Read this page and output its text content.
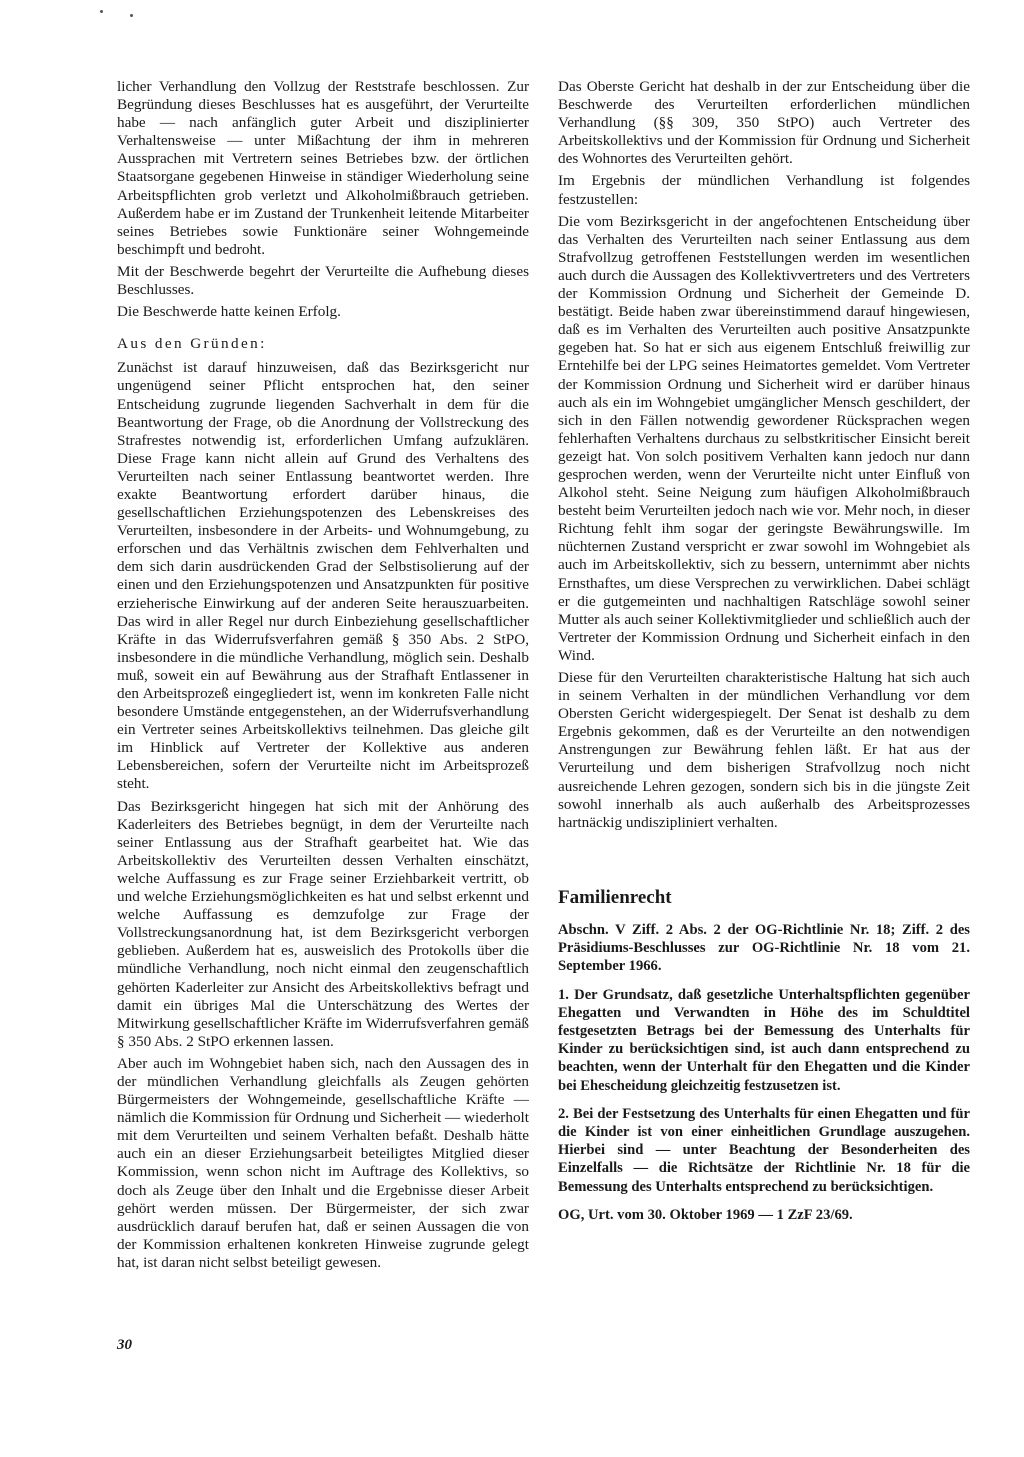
licher Verhandlung den Vollzug der Reststrafe beschlossen. Zur Begründung dieses Beschlusses hat es ausgeführt, der Verurteilte habe — nach anfänglich guter Arbeit und disziplinierter Verhaltensweise — unter Mißachtung der ihm in mehreren Aussprachen mit Vertretern seines Betriebes bzw. der örtlichen Staatsorgane gegebenen Hinweise in ständiger Wiederholung seine Arbeitspflichten grob verletzt und Alkoholmißbrauch getrieben. Außerdem habe er im Zustand der Trunkenheit leitende Mitarbeiter seines Betriebes sowie Funktionäre seiner Wohngemeinde beschimpft und bedroht.

Mit der Beschwerde begehrt der Verurteilte die Aufhebung dieses Beschlusses.

Die Beschwerde hatte keinen Erfolg.

Aus den Gründen:

Zunächst ist darauf hinzuweisen, daß das Bezirksgericht nur ungenügend seiner Pflicht entsprochen hat, den seiner Entscheidung zugrunde liegenden Sachverhalt in dem für die Beantwortung der Frage, ob die Anordnung der Vollstreckung des Strafrestes notwendig ist, erforderlichen Umfang aufzuklären. Diese Frage kann nicht allein auf Grund des Verhaltens des Verurteilten nach seiner Entlassung beantwortet werden. Ihre exakte Beantwortung erfordert darüber hinaus, die gesellschaftlichen Erziehungspotenzen des Lebenskreises des Verurteilten, insbesondere in der Arbeits- und Wohnumgebung, zu erforschen und das Verhältnis zwischen dem Fehlverhalten und dem sich darin ausdrückenden Grad der Selbstisolierung auf der einen und den Erziehungspotenzen und Ansatzpunkten für positive erzieherische Einwirkung auf der anderen Seite herauszuarbeiten. Das wird in aller Regel nur durch Einbeziehung gesellschaftlicher Kräfte in das Widerrufsverfahren gemäß § 350 Abs. 2 StPO, insbesondere in die mündliche Verhandlung, möglich sein. Deshalb muß, soweit ein auf Bewährung aus der Strafhaft Entlassener in den Arbeitsprozeß eingegliedert ist, wenn im konkreten Falle nicht besondere Umstände entgegenstehen, an der Widerrufsverhandlung ein Vertreter seines Arbeitskollektivs teilnehmen. Das gleiche gilt im Hinblick auf Vertreter der Kollektive aus anderen Lebensbereichen, sofern der Verurteilte nicht im Arbeitsprozeß steht.

Das Bezirksgericht hingegen hat sich mit der Anhörung des Kaderleiters des Betriebes begnügt, in dem der Verurteilte nach seiner Entlassung aus der Strafhaft gearbeitet hat. Wie das Arbeitskollektiv des Verurteilten dessen Verhalten einschätzt, welche Auffassung es zur Frage seiner Erziehbarkeit vertritt, ob und welche Erziehungsmöglichkeiten es hat und selbst erkennt und welche Auffassung es demzufolge zur Frage der Vollstreckungsanordnung hat, ist dem Bezirksgericht verborgen geblieben. Außerdem hat es, ausweislich des Protokolls über die mündliche Verhandlung, noch nicht einmal den zeugenschaftlich gehörten Kaderleiter zur Ansicht des Arbeitskollektivs befragt und damit ein übriges Mal die Unterschätzung des Wertes der Mitwirkung gesellschaftlicher Kräfte im Widerrufsverfahren gemäß § 350 Abs. 2 StPO erkennen lassen.

Aber auch im Wohngebiet haben sich, nach den Aussagen des in der mündlichen Verhandlung gleichfalls als Zeugen gehörten Bürgermeisters der Wohngemeinde, gesellschaftliche Kräfte — nämlich die Kommission für Ordnung und Sicherheit — wiederholt mit dem Verurteilten und seinem Verhalten befaßt. Deshalb hätte auch ein an dieser Erziehungsarbeit beteiligtes Mitglied dieser Kommission, wenn schon nicht im Auftrage des Kollektivs, so doch als Zeuge über den Inhalt und die Ergebnisse dieser Arbeit gehört werden müssen. Der Bürgermeister, der sich zwar ausdrücklich darauf berufen hat, daß er seinen Aussagen die von der Kommission erhaltenen konkreten Hinweise zugrunde gelegt hat, ist daran nicht selbst beteiligt gewesen.

Das Oberste Gericht hat deshalb in der zur Entscheidung über die Beschwerde des Verurteilten erforderlichen mündlichen Verhandlung (§§ 309, 350 StPO) auch Vertreter des Arbeitskollektivs und der Kommission für Ordnung und Sicherheit des Wohnortes des Verurteilten gehört.

Im Ergebnis der mündlichen Verhandlung ist folgendes festzustellen:

Die vom Bezirksgericht in der angefochtenen Entscheidung über das Verhalten des Verurteilten nach seiner Entlassung aus dem Strafvollzug getroffenen Feststellungen werden im wesentlichen auch durch die Aussagen des Kollektivvertreters und des Vertreters der Kommission Ordnung und Sicherheit der Gemeinde D. bestätigt. Beide haben zwar übereinstimmend darauf hingewiesen, daß es im Verhalten des Verurteilten auch positive Ansatzpunkte gegeben hat. So hat er sich aus eigenem Entschluß freiwillig zur Erntehilfe bei der LPG seines Heimatortes gemeldet. Vom Vertreter der Kommission Ordnung und Sicherheit wird er darüber hinaus auch als ein im Wohngebiet umgänglicher Mensch geschildert, der sich in den Fällen notwendig gewordener Rücksprachen wegen fehlerhaften Verhaltens durchaus zu selbstkritischer Einsicht bereit gezeigt hat. Von solch positivem Verhalten kann jedoch nur dann gesprochen werden, wenn der Verurteilte nicht unter Einfluß von Alkohol steht. Seine Neigung zum häufigen Alkoholmißbrauch besteht beim Verurteilten jedoch nach wie vor. Mehr noch, in dieser Richtung fehlt ihm sogar der geringste Bewährungswille. Im nüchternen Zustand verspricht er zwar sowohl im Wohngebiet als auch im Arbeitskollektiv, sich zu bessern, unternimmt aber nichts Ernsthaftes, um diese Versprechen zu verwirklichen. Dabei schlägt er die gutgemeinten und nachhaltigen Ratschläge sowohl seiner Mutter als auch seiner Kollektivmitglieder und schließlich auch der Vertreter der Kommission Ordnung und Sicherheit einfach in den Wind.

Diese für den Verurteilten charakteristische Haltung hat sich auch in seinem Verhalten in der mündlichen Verhandlung vor dem Obersten Gericht widergespiegelt. Der Senat ist deshalb zu dem Ergebnis gekommen, daß es der Verurteilte an den notwendigen Anstrengungen zur Bewährung fehlen läßt. Er hat aus der Verurteilung und dem bisherigen Strafvollzug noch nicht ausreichende Lehren gezogen, sondern sich bis in die jüngste Zeit sowohl innerhalb als auch außerhalb des Arbeitsprozesses hartnäckig undiszipliniert verhalten.

Familienrecht

Abschn. V Ziff. 2 Abs. 2 der OG-Richtlinie Nr. 18; Ziff. 2 des Präsidiums-Beschlusses zur OG-Richtlinie Nr. 18 vom 21. September 1966.

1. Der Grundsatz, daß gesetzliche Unterhaltspflichten gegenüber Ehegatten und Verwandten in Höhe des im Schuldtitel festgesetzten Betrags bei der Bemessung des Unterhalts für Kinder zu berücksichtigen sind, ist auch dann entsprechend zu beachten, wenn der Unterhalt für den Ehegatten und die Kinder bei Ehescheidung gleichzeitig festzusetzen ist.

2. Bei der Festsetzung des Unterhalts für einen Ehegatten und für die Kinder ist von einer einheitlichen Grundlage auszugehen. Hierbei sind — unter Beachtung der Besonderheiten des Einzelfalls — die Richtsätze der Richtlinie Nr. 18 für die Bemessung des Unterhalts entsprechend zu berücksichtigen.

OG, Urt. vom 30. Oktober 1969 — 1 ZzF 23/69.

30
